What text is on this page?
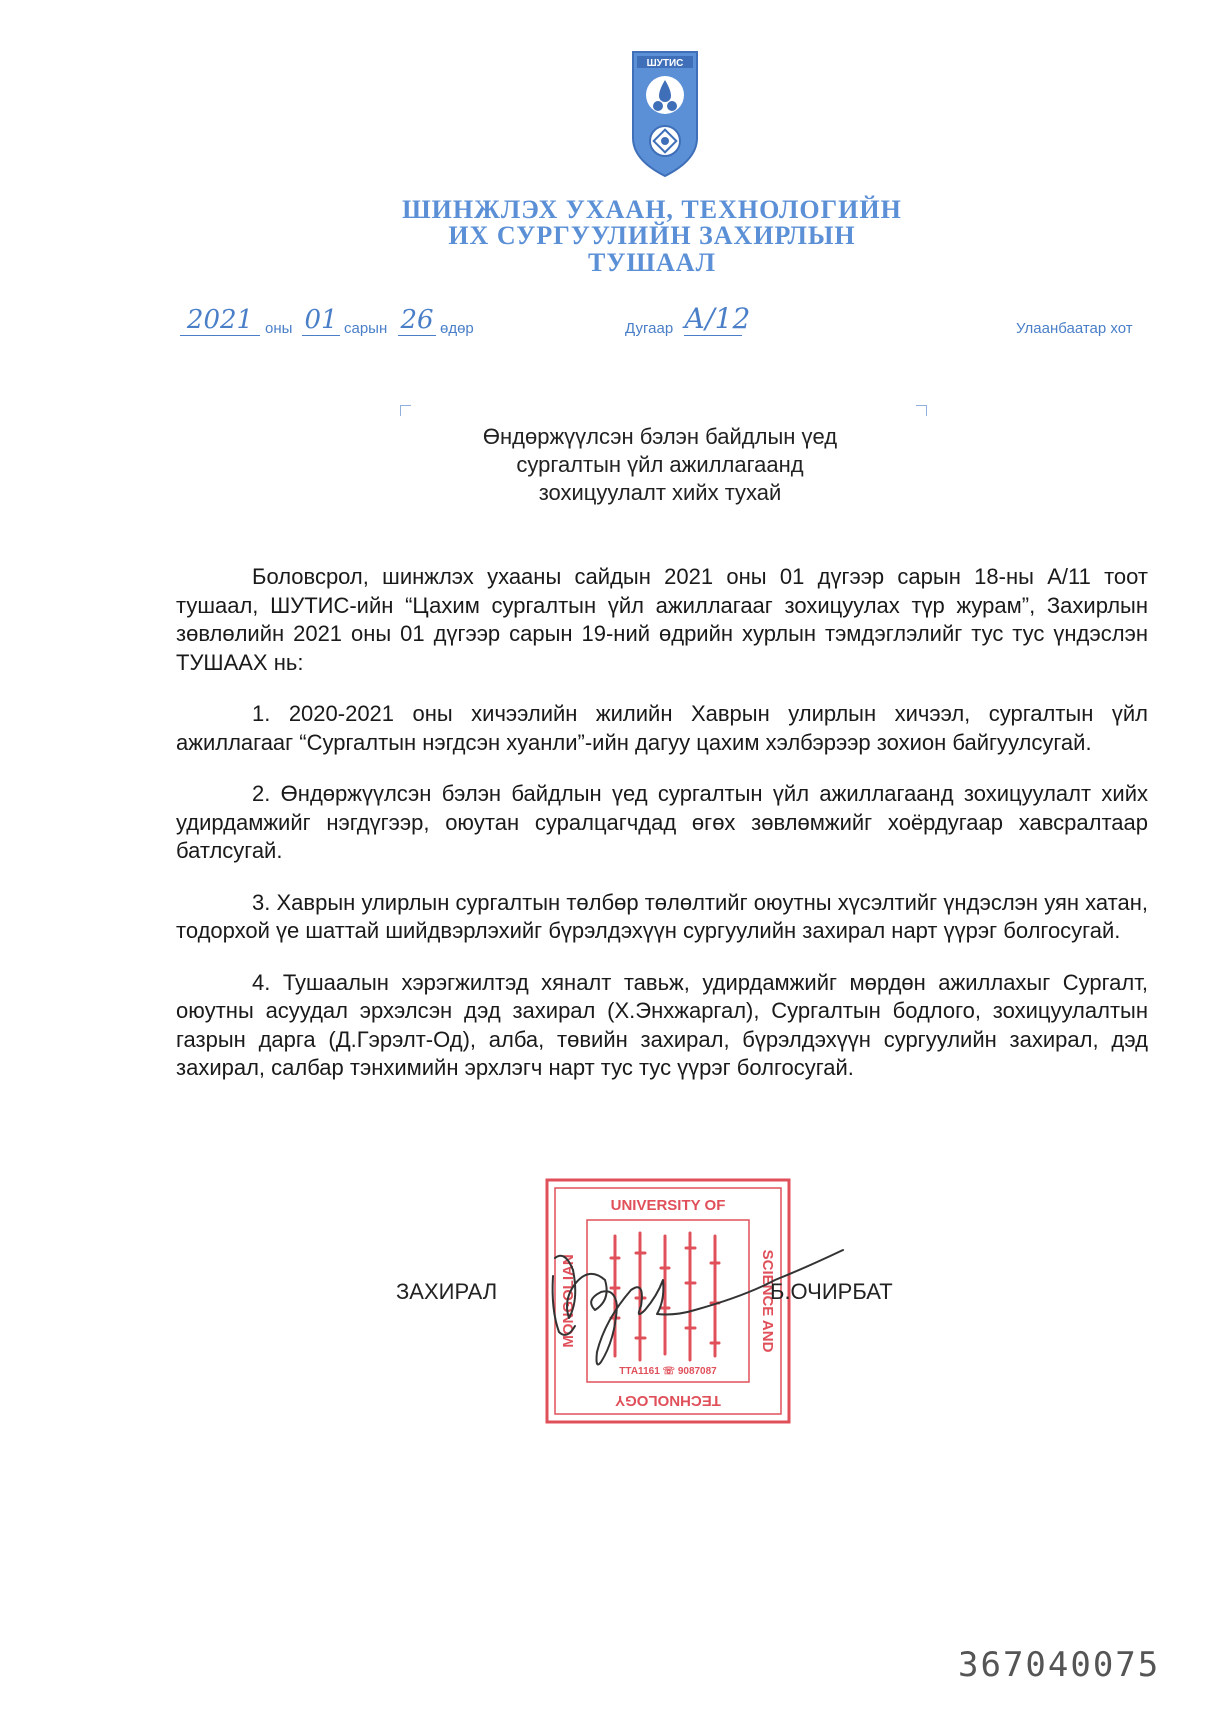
ШУТИС
ШИНЖЛЭХ УХААН, ТЕХНОЛОГИЙН
ИХ СУРГУУЛИЙН ЗАХИРЛЫН
ТУШААЛ
2021 оны 01 сарын 26 өдөр	Дугаар А/12	Улаанбаатар хот
Өндөржүүлсэн бэлэн байдлын үед
сургалтын үйл ажиллагаанд
зохицуулалт хийх тухай

Боловсрол, шинжлэх ухааны сайдын 2021 оны 01 дүгээр сарын 18-ны А/11 тоот тушаал, ШУТИС-ийн “Цахим сургалтын үйл ажиллагааг зохицуулах түр журам”, Захирлын зөвлөлийн 2021 оны 01 дүгээр сарын 19-ний өдрийн хурлын тэмдэглэлийг тус тус үндэслэн ТУШААХ нь:

1. 2020-2021 оны хичээлийн жилийн Хаврын улирлын хичээл, сургалтын үйл ажиллагааг “Сургалтын нэгдсэн хуанли”-ийн дагуу цахим хэлбэрээр зохион байгуулсугай.

2. Өндөржүүлсэн бэлэн байдлын үед сургалтын үйл ажиллагаанд зохицуулалт хийх удирдамжийг нэгдүгээр, оюутан суралцагчдад өгөх зөвлөмжийг хоёрдугаар хавсралтаар батлсугай.

3. Хаврын улирлын сургалтын төлбөр төлөлтийг оюутны хүсэлтийг үндэслэн уян хатан, тодорхой үе шаттай шийдвэрлэхийг бүрэлдэхүүн сургуулийн захирал нарт үүрэг болгосугай.

4. Тушаалын хэрэгжилтэд хяналт тавьж, удирдамжийг мөрдөн ажиллахыг Сургалт, оюутны асуудал эрхэлсэн дэд захирал (Х.Энхжаргал), Сургалтын бодлого, зохицуулалтын газрын дарга (Д.Гэрэлт-Од), алба, төвийн захирал, бүрэлдэхүүн сургуулийн захирал, дэд захирал, салбар тэнхимийн эрхлэгч нарт тус тус үүрэг болгосугай.

UNIVERSITY OF
SCIENCE AND
TECHNOLOGY
MONGOLIAN
ТТА1161 ☏ 9087087
ЗАХИРАЛ	Б.ОЧИРБАТ
367040075
